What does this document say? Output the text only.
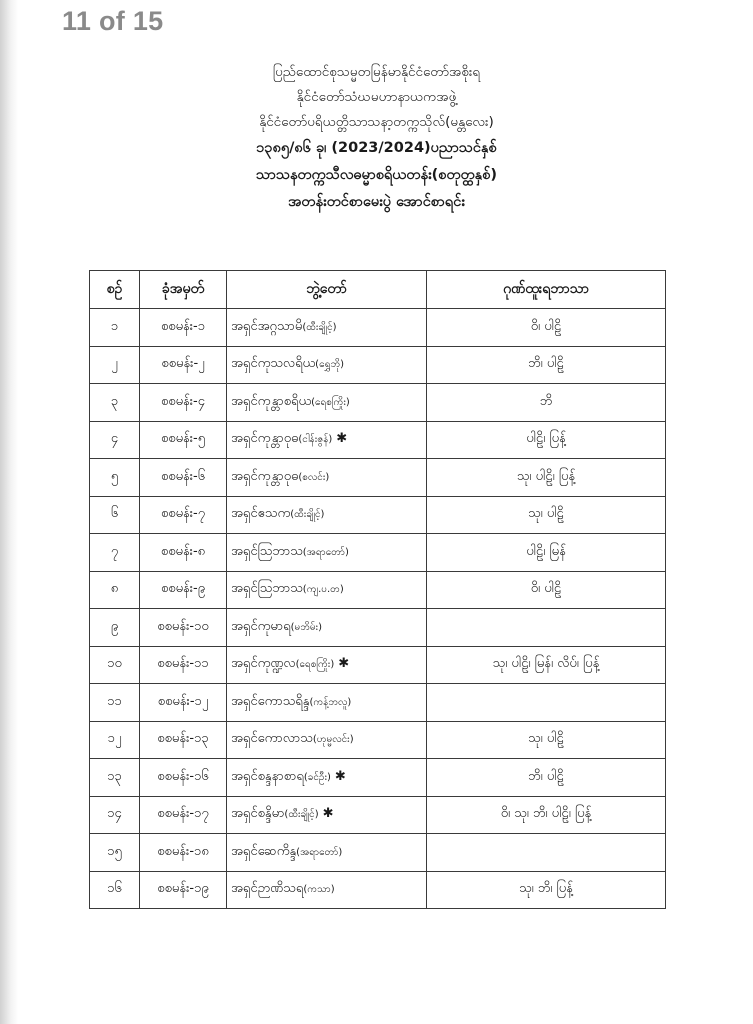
11 of 15
ပြည်ထောင်စုသမ္မတမြန်မာနိုင်ငံတော်အစိုးရ
နိုင်ငံတော်သံဃမဟာနာယကအဖွဲ့
နိုင်ငံတော်ပရိယတ္တိသာသနာ့တက္ကသိုလ်(မန္တလေး)
၁၃၈၅/၈၆ ခု၊ (2023/2024)ပညာသင်နှစ်
သာသနတက္ကသီလဓမ္မာစရိယတန်း(စတုတ္ထနှစ်)
အတန်းတင်စာမေးပွဲ အောင်စာရင်း
စဉ်	ခုံအမှတ်	ဘွဲ့တော်	ဂုဏ်ထူးရဘာသာ
၁	စစမန်း-၁	အရှင်အဂ္ဂသာမိ(ထီးချိုင့်)	ဝိ၊ ပါဠိ
၂	စစမန်း-၂	အရှင်ကုသလရိယ(ရွှေဘို)	ဘိ၊ ပါဠိ
၃	စစမန်း-၄	အရှင်ကုန္တာစရိယ(ရေစကြိုး)	ဘိ
၄	စစမန်း-၅	အရှင်ကုန္တာဝုဓ(ငါန်းဇွန်) ✱	ပါဠိ၊ ပြန့်
၅	စစမန်း-၆	အရှင်ကုန္တာဝုဓ(စလင်း)	သု၊ ပါဠိ၊ ပြန့်
၆	စစမန်း-၇	အရှင်ဧသက(ထီးချိုင့်)	သု၊ ပါဠိ
၇	စစမန်း-၈	အရှင်ဩဘာသ(အရာတော်)	ပါဠိ၊ မြန်
၈	စစမန်း-၉	အရှင်ဩဘာသ(ကျ.ပ.တ)	ဝိ၊ ပါဠိ
၉	စစမန်း-၁၀	အရှင်ကုမာရ(မဘိမ်း)	
၁၀	စစမန်း-၁၁	အရှင်ကုဏ္ဍလ(ရေစကြိုး) ✱	သု၊ ပါဠိ၊ မြန်၊ လိပ်၊ ပြန့်
၁၁	စစမန်း-၁၂	အရှင်ကောသရိန္ဒ(ကန့်ဘလူ)	
၁၂	စစမန်း-၁၃	အရှင်ကောလာသ(ဟုမ္မလင်း)	သု၊ ပါဠိ
၁၃	စစမန်း-၁၆	အရှင်စန္ဒနာစာရ(ခင်ဦး) ✱	ဘိ၊ ပါဠိ
၁၄	စစမန်း-၁၇	အရှင်စန္ဒိမာ(ထီးချိုင့်) ✱	ဝိ၊ သု၊ ဘိ၊ ပါဠိ၊ ပြန့်
၁၅	စစမန်း-၁၈	အရှင်ဆေကိန္ဒ(အရာတော်)	
၁၆	စစမန်း-၁၉	အရှင်ဉာဏိသရ(ကသာ)	သု၊ ဘိ၊ ပြန့်
